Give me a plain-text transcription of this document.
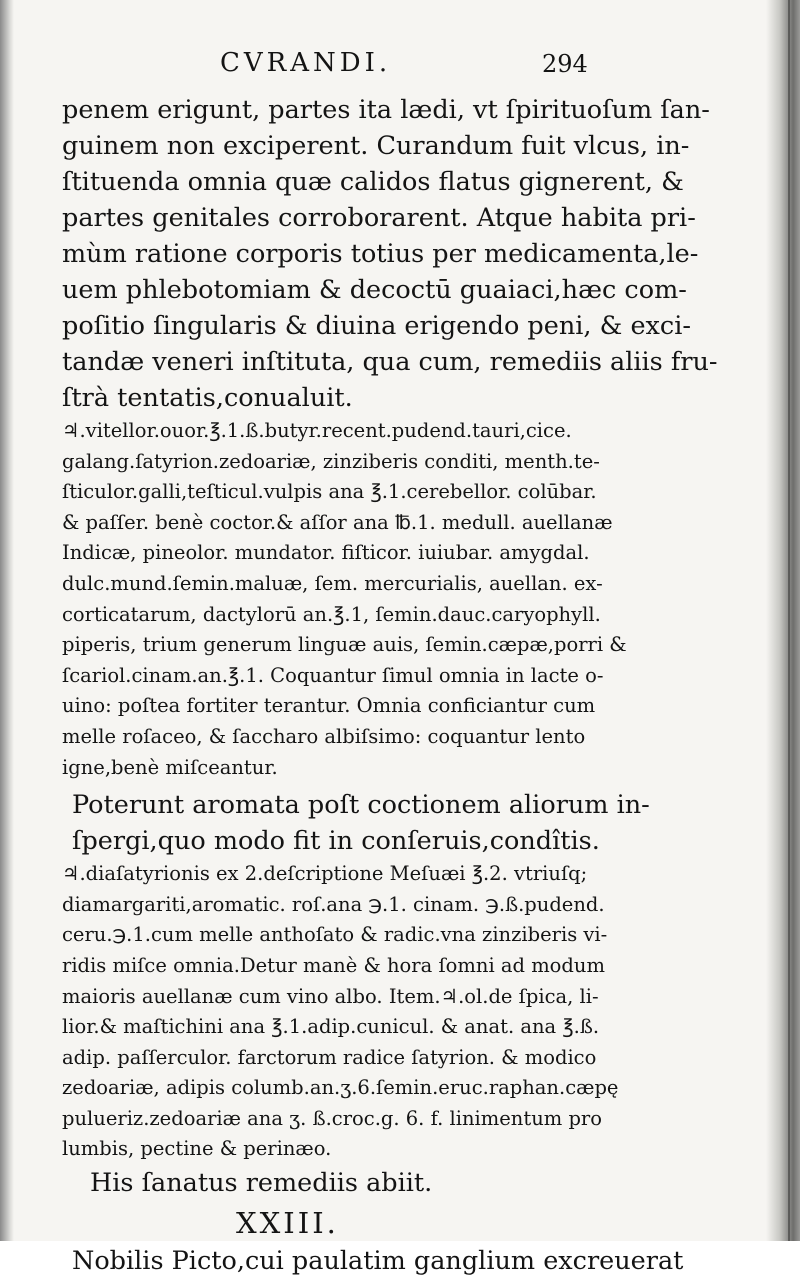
CVRANDI.	294
penem erigunt, partes ita lædi, vt ſpirituoſum ſan-
guinem non exciperent. Curandum fuit vlcus, in-
ſtituenda omnia quæ calidos flatus gignerent, &
partes genitales corroborarent. Atque habita pri-
mùm ratione corporis totius per medicamenta,le-
uem phlebotomiam & decoctū guaiaci,hæc com-
poſitio ſingularis & diuina erigendo peni, & exci-
tandæ veneri inſtituta, qua cum, remediis aliis fru-
ſtrà tentatis,conualuit.
♃.vitellor.ouor.℥.1.ß.butyr.recent.pudend.tauri,cice.
galang.ſatyrion.zedoariæ, zinziberis conditi, menth.te-
ſticulor.galli,teſticul.vulpis ana ℥.1.cerebellor. colūbar.
& paſſer. benè coctor.& aſſor ana ℔.1. medull. auellanæ
Indicæ, pineolor. mundator. fiſticor. iuiubar. amygdal.
dulc.mund.ſemin.maluæ, ſem. mercurialis, auellan. ex-
corticatarum, dactylorū an.℥.1, ſemin.dauc.caryophyll.
piperis, trium generum linguæ auis, ſemin.cæpæ,porri &
ſcariol.cinam.an.℥.1. Coquantur ſimul omnia in lacte o-
uino: poſtea fortiter terantur. Omnia conficiantur cum
melle roſaceo, & ſaccharo albiſsimo: coquantur lento
igne,benè miſceantur.
Poterunt aromata poſt coctionem aliorum in-
ſpergi,quo modo fit in conſeruis,condîtis.
♃.diaſatyrionis ex 2.deſcriptione Meſuæi ℥.2. vtriuſq;
diamargariti,aromatic. roſ.ana ℈.1. cinam. ℈.ß.pudend.
ceru.℈.1.cum melle anthoſato & radic.vna zinziberis vi-
ridis miſce omnia.Detur manè & hora ſomni ad modum
maioris auellanæ cum vino albo. Item.♃.ol.de ſpica, li-
lior.& maſtichini ana ℥.1.adip.cunicul. & anat. ana ℥.ß.
adip. paſſerculor. farctorum radice ſatyrion. & modico
zedoariæ, adipis columb.an.ʒ.6.ſemin.eruc.raphan.cæpę
pulueriz.zedoariæ ana ʒ. ß.croc.g. 6. f. linimentum pro
lumbis, pectine & perinæo.
His ſanatus remediis abiit.
XXIII.
Nobilis Picto,cui paulatim ganglium excreuerat
